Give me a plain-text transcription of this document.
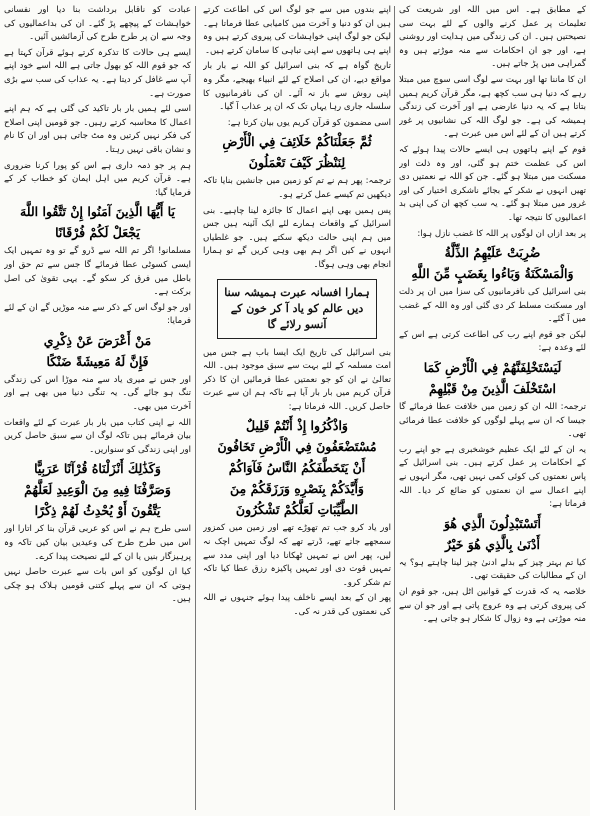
کے مطابق ہے۔ اس میں اللہ اور شریعت کی تعلیمات پر عمل کرنے والوں کے لئے بہت سی نصیحتیں ہیں۔ ان کی زندگی میں ہدایت اور روشنی ہے، اور جو ان احکامات سے منہ موڑتے ہیں وہ گمراہی میں پڑ جاتے ہیں۔

ان کا ماننا تھا اور بہت سے لوگ اسی سوچ میں مبتلا رہے کہ دنیا ہی سب کچھ ہے، مگر قرآن کریم ہمیں بتاتا ہے کہ یہ دنیا عارضی ہے اور آخرت کی زندگی ہمیشہ کی ہے۔ جو لوگ اللہ کی نشانیوں پر غور کرتے ہیں ان کے لئے اس میں عبرت ہے۔

قوم کے اپنے ہاتھوں ہی ایسے حالات پیدا ہوئے کہ اس کی عظمت ختم ہو گئی، اور وہ ذلت اور مسکنت میں مبتلا ہو گئے۔ جن کو اللہ نے نعمتیں دی تھیں انہوں نے شکر کے بجائے ناشکری اختیار کی اور غرور میں مبتلا ہو گئے۔ یہ سب کچھ ان کی اپنی بد اعمالیوں کا نتیجہ تھا۔

پر بعد ازاں ان لوگوں پر اللہ کا غضب نازل ہوا:

ضُرِبَتْ عَلَيْهِمُ الذِّلَّةُ
وَالْمَسْكَنَةُ وَبَاءُوا بِغَضَبٍ مِّنَ اللَّهِ

بنی اسرائیل کی نافرمانیوں کی سزا میں ان پر ذلت اور مسکنت مسلط کر دی گئی اور وہ اللہ کے غضب میں آ گئے۔

لیکن جو قوم اپنے رب کی اطاعت کرتی ہے اس کے لئے وعدہ ہے:

لَيَسْتَخْلِفَنَّهُمْ فِي الْأَرْضِ كَمَا
اسْتَخْلَفَ الَّذِينَ مِنْ قَبْلِهِمْ

ترجمہ: اللہ ان کو زمین میں خلافت عطا فرمائے گا جیسا کہ ان سے پہلے لوگوں کو خلافت عطا فرمائی تھی۔

یہ ان کے لئے ایک عظیم خوشخبری ہے جو اپنے رب کے احکامات پر عمل کرتے ہیں۔ بنی اسرائیل کے پاس نعمتوں کی کوئی کمی نہیں تھی، مگر انہوں نے اپنے اعمال سے ان نعمتوں کو ضائع کر دیا۔ اللہ فرماتا ہے:

أَتَسْتَبْدِلُونَ الَّذِي هُوَ
أَدْنَىٰ بِالَّذِي هُوَ خَيْرٌ

کیا تم بہتر چیز کے بدلے ادنیٰ چیز لینا چاہتے ہو؟ یہ ان کے مطالبات کی حقیقت تھی۔

خلاصہ یہ کہ قدرت کے قوانین اٹل ہیں، جو قوم ان کی پیروی کرتی ہے وہ عروج پاتی ہے اور جو ان سے منہ موڑتی ہے وہ زوال کا شکار ہو جاتی ہے۔

اپنے بندوں میں سے جو لوگ اس کی اطاعت کرتے ہیں ان کو دنیا و آخرت میں کامیابی عطا فرماتا ہے۔ لیکن جو لوگ اپنی خواہشات کی پیروی کرتے ہیں وہ اپنے ہی ہاتھوں سے اپنی تباہی کا سامان کرتے ہیں۔

تاریخ گواہ ہے کہ بنی اسرائیل کو اللہ نے بار بار مواقع دیے، ان کی اصلاح کے لئے انبیاء بھیجے، مگر وہ اپنی روش سے باز نہ آئے۔ ان کی نافرمانیوں کا سلسلہ جاری رہا یہاں تک کہ ان پر عذاب آ گیا۔

اسی مضمون کو قرآن کریم یوں بیان کرتا ہے:

ثُمَّ جَعَلْنَاكُمْ خَلَائِفَ فِي الْأَرْضِ
لِنَنْظُرَ كَيْفَ تَعْمَلُونَ

ترجمہ: پھر ہم نے تم کو زمین میں جانشین بنایا تاکہ دیکھیں تم کیسے عمل کرتے ہو۔

پس ہمیں بھی اپنے اعمال کا جائزہ لینا چاہیے۔ بنی اسرائیل کے واقعات ہمارے لئے ایک آئینہ ہیں جس میں ہم اپنی حالت دیکھ سکتے ہیں۔ جو غلطیاں انہوں نے کیں اگر ہم بھی وہی کریں گے تو ہمارا انجام بھی وہی ہوگا۔

ہمارا افسانہ عبرت ہمیشہ سنا دیں عالم کو یاد آ کر خون کے آنسو رلائے گا

بنی اسرائیل کی تاریخ ایک ایسا باب ہے جس میں امت مسلمہ کے لئے بہت سے سبق موجود ہیں۔ اللہ تعالیٰ نے ان کو جو نعمتیں عطا فرمائیں ان کا ذکر قرآن کریم میں بار بار آیا ہے تاکہ ہم ان سے عبرت حاصل کریں۔ اللہ فرماتا ہے:

وَاذْكُرُوا إِذْ أَنْتُمْ قَلِيلٌ
مُسْتَضْعَفُونَ فِي الْأَرْضِ تَخَافُونَ
أَنْ يَتَخَطَّفَكُمُ النَّاسُ فَآوَاكُمْ
وَأَيَّدَكُمْ بِنَصْرِهِ وَرَزَقَكُمْ مِنَ
الطَّيِّبَاتِ لَعَلَّكُمْ تَشْكُرُونَ

اور یاد کرو جب تم تھوڑے تھے اور زمین میں کمزور سمجھے جاتے تھے، ڈرتے تھے کہ لوگ تمہیں اچک نہ لیں، پھر اس نے تمہیں ٹھکانا دیا اور اپنی مدد سے تمہیں قوت دی اور تمہیں پاکیزہ رزق عطا کیا تاکہ تم شکر کرو۔

پھر ان کے بعد ایسے ناخلف پیدا ہوئے جنہوں نے اللہ کی نعمتوں کی قدر نہ کی۔

عبادت کو ناقابل برداشت بنا دیا اور نفسانی خواہشات کے پیچھے پڑ گئے۔ ان کی بداعمالیوں کی وجہ سے ان پر طرح طرح کی آزمائشیں آئیں۔

ایسے ہی حالات کا تذکرہ کرتے ہوئے قرآن کہتا ہے کہ جو قوم اللہ کو بھول جاتی ہے اللہ اسے خود اپنے آپ سے غافل کر دیتا ہے۔ یہ عذاب کی سب سے بڑی صورت ہے۔

اسی لئے ہمیں بار بار تاکید کی گئی ہے کہ ہم اپنے اعمال کا محاسبہ کرتے رہیں۔ جو قومیں اپنی اصلاح کی فکر نہیں کرتیں وہ مٹ جاتی ہیں اور ان کا نام و نشان باقی نہیں رہتا۔

ہم پر جو ذمہ داری ہے اس کو پورا کرنا ضروری ہے۔ قرآن کریم میں اہل ایمان کو خطاب کر کے فرمایا گیا:

يَا أَيُّهَا الَّذِينَ آمَنُوا إِنْ تَتَّقُوا اللَّهَ
يَجْعَلْ لَكُمْ فُرْقَانًا

مسلمانو! اگر تم اللہ سے ڈرو گے تو وہ تمہیں ایک ایسی کسوٹی عطا فرمائے گا جس سے تم حق اور باطل میں فرق کر سکو گے۔ یہی تقویٰ کی اصل برکت ہے۔

اور جو لوگ اس کے ذکر سے منہ موڑیں گے ان کے لئے فرمایا:

مَنْ أَعْرَضَ عَنْ ذِكْرِي
فَإِنَّ لَهُ مَعِيشَةً ضَنْكًا

اور جس نے میری یاد سے منہ موڑا اس کی زندگی تنگ ہو جائے گی۔ یہ تنگی دنیا میں بھی ہے اور آخرت میں بھی۔

اللہ نے اپنی کتاب میں بار بار عبرت کے لئے واقعات بیان فرمائے ہیں تاکہ لوگ ان سے سبق حاصل کریں اور اپنی زندگی کو سنواریں۔

وَكَذَٰلِكَ أَنْزَلْنَاهُ قُرْآنًا عَرَبِيًّا
وَصَرَّفْنَا فِيهِ مِنَ الْوَعِيدِ لَعَلَّهُمْ
يَتَّقُونَ أَوْ يُحْدِثُ لَهُمْ ذِكْرًا

اسی طرح ہم نے اس کو عربی قرآن بنا کر اتارا اور اس میں طرح طرح کی وعیدیں بیان کیں تاکہ وہ پرہیزگار بنیں یا ان کے لئے نصیحت پیدا کرے۔

کیا ان لوگوں کو اس بات سے عبرت حاصل نہیں ہوتی کہ ان سے پہلے کتنی قومیں ہلاک ہو چکی ہیں۔
